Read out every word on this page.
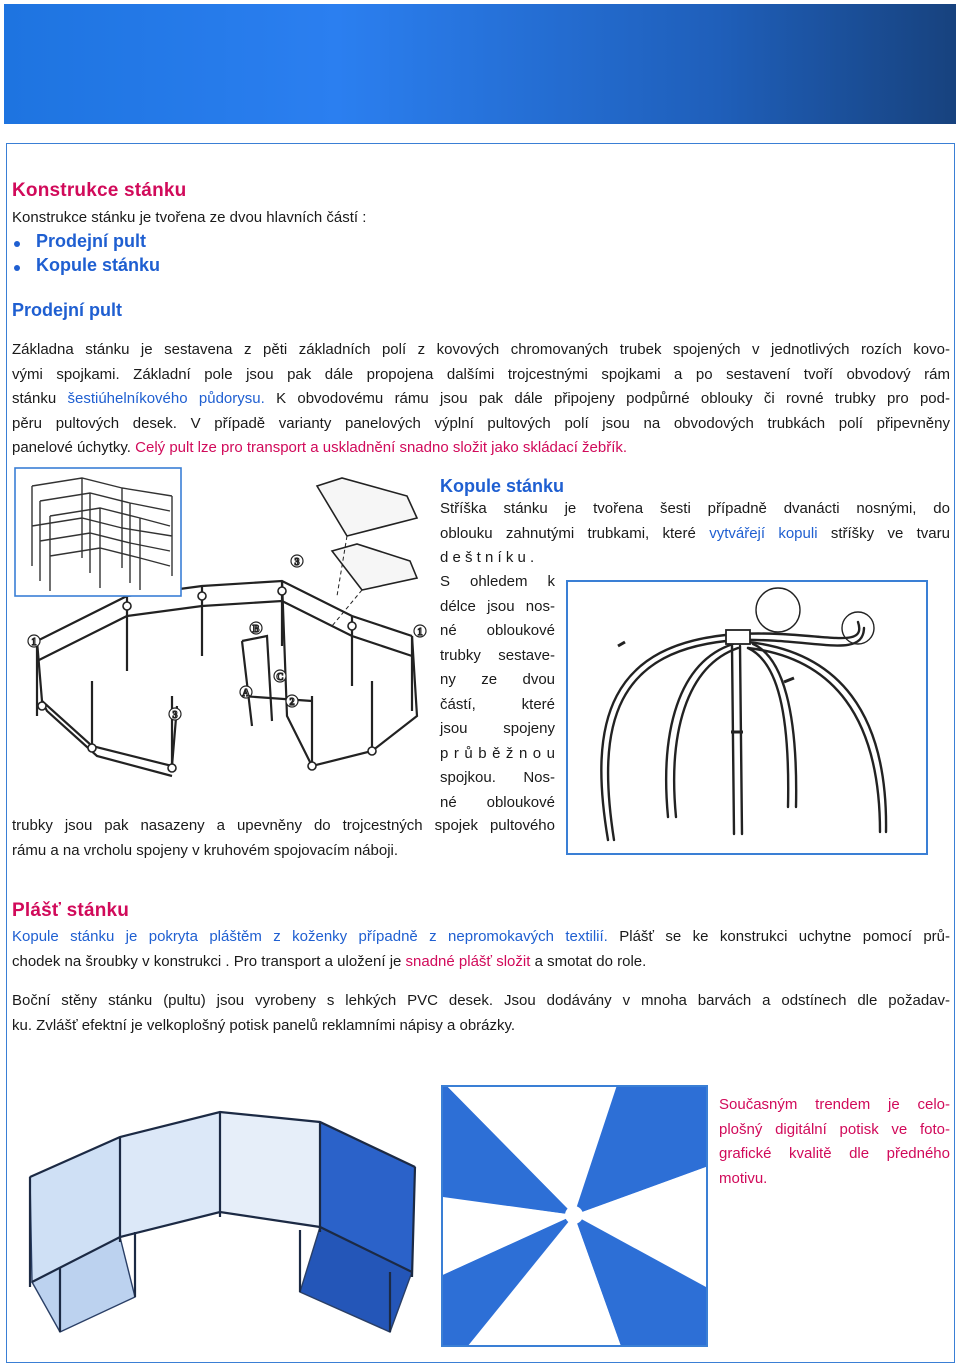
Konstrukce stánku

Konstrukce stánku je tvořena ze dvou hlavních částí :

Prodejní pult

Kopule stánku

Prodejní pult
Základna stánku je sestavena z pěti základních polí z kovových chromovaných trubek spojených v jednotlivých rozích kovo-
vými spojkami. Základní pole jsou pak dále propojena dalšími trojcestnými spojkami a po sestavení tvoří obvodový rám
stánku šestiúhelníkového půdorysu. K obvodovému rámu jsou pak dále připojeny podpůrné oblouky či rovné trubky pro pod-
pěru pultových desek. V případě varianty panelových výplní pultových polí jsou na obvodových trubkách polí připevněny
panelové úchytky. Celý pult lze pro transport a uskladnění snadno složit jako skládací žebřík.
1
1
3
3
2
B
C
A
Kopule stánku
Stříška stánku je tvořena šesti případně dvanácti nosnými, do
oblouku zahnutými trubkami, které vytvářejí kopuli stříšky ve tvaru
d e š t n í k u .
S ohledem k
délce jsou nos-
né obloukové
trubky sestave-
ny ze dvou
částí, které
jsou spojeny
p r ů b ě ž n o u
spojkou. Nos-
né obloukové
trubky jsou pak nasazeny a upevněny do trojcestných spojek pultového
rámu a na vrcholu spojeny v kruhovém spojovacím náboji.
Plášť stánku
Kopule stánku je pokryta pláštěm z koženky případně z nepromokavých textilií. Plášť se ke konstrukci uchytne pomocí prů-
chodek na šroubky v konstrukci . Pro transport a uložení je snadné plášť složit a smotat do role.
Boční stěny stánku (pultu) jsou vyrobeny s lehkých PVC desek. Jsou dodávány v mnoha barvách a odstínech dle požadav-
ku. Zvlášť efektní je velkoplošný potisk panelů reklamními nápisy a obrázky.
Současným trendem je celo-
plošný digitální potisk ve foto-
grafické kvalitě dle předného
motivu.
